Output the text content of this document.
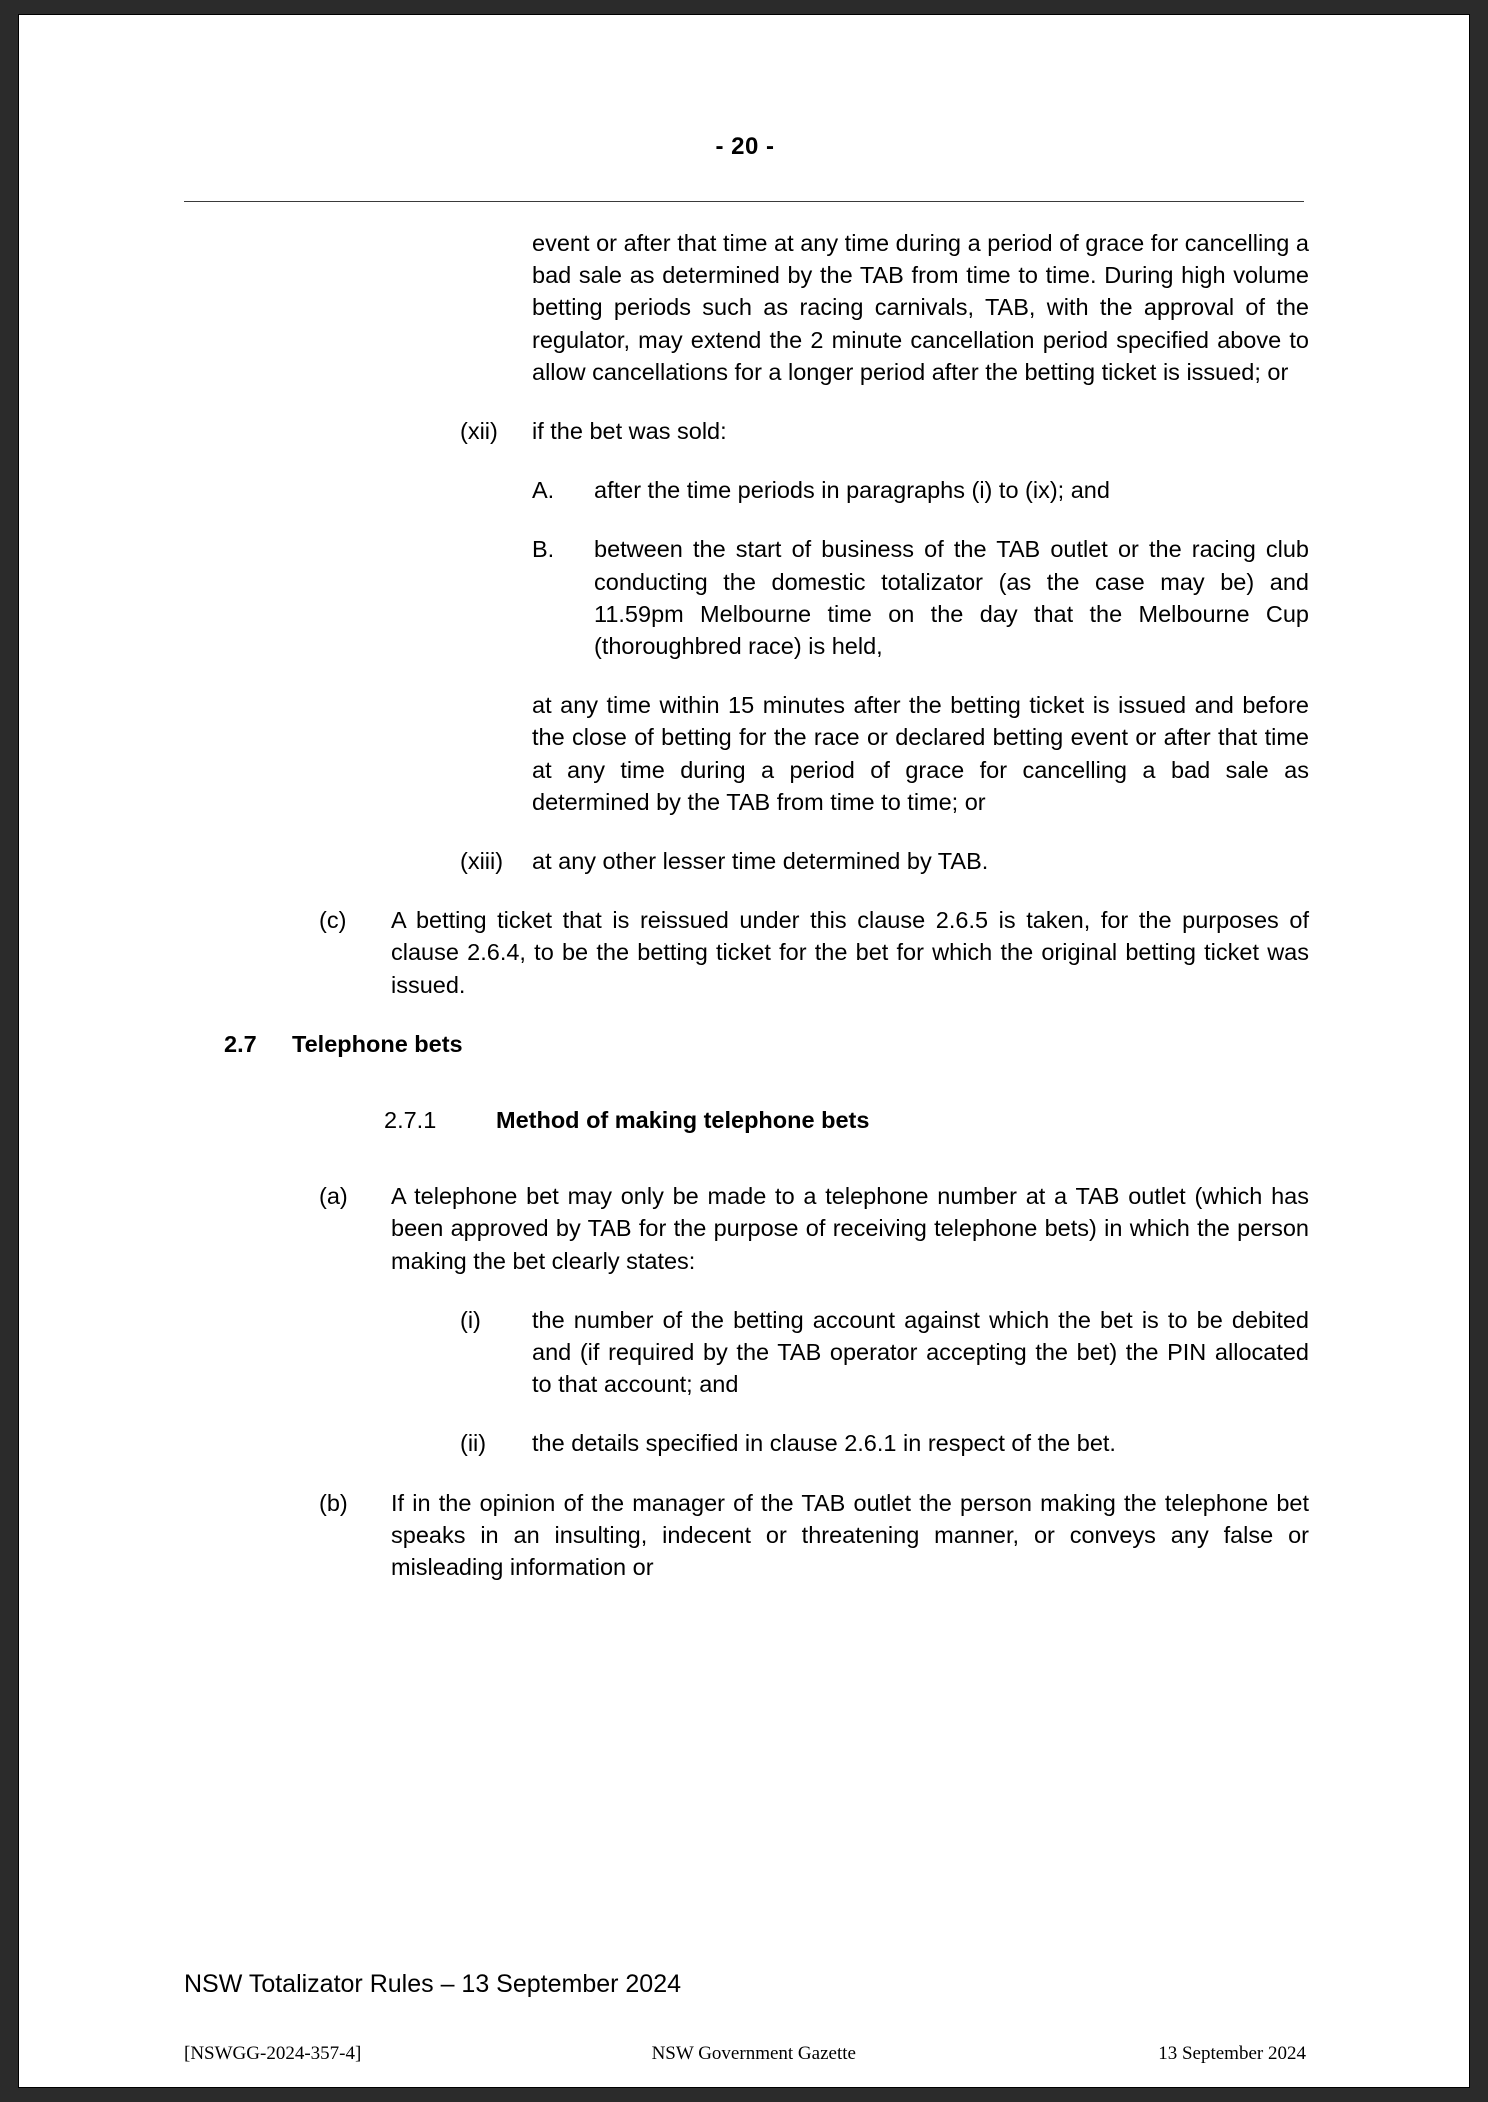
- 20 -
event or after that time at any time during a period of grace for cancelling a bad sale as determined by the TAB from time to time. During high volume betting periods such as racing carnivals, TAB, with the approval of the regulator, may extend the 2 minute cancellation period specified above to allow cancellations for a longer period after the betting ticket is issued; or
(xii)	if the bet was sold:
A.	after the time periods in paragraphs (i) to (ix); and
B.	between the start of business of the TAB outlet or the racing club conducting the domestic totalizator (as the case may be) and 11.59pm Melbourne time on the day that the Melbourne Cup (thoroughbred race) is held,
at any time within 15 minutes after the betting ticket is issued and before the close of betting for the race or declared betting event or after that time at any time during a period of grace for cancelling a bad sale as determined by the TAB from time to time; or
(xiii)	at any other lesser time determined by TAB.
(c)	A betting ticket that is reissued under this clause 2.6.5 is taken, for the purposes of clause 2.6.4, to be the betting ticket for the bet for which the original betting ticket was issued.
2.7	Telephone bets
2.7.1	Method of making telephone bets
(a)	A telephone bet may only be made to a telephone number at a TAB outlet (which has been approved by TAB for the purpose of receiving telephone bets) in which the person making the bet clearly states:
(i)	the number of the betting account against which the bet is to be debited and (if required by the TAB operator accepting the bet) the PIN allocated to that account; and
(ii)	the details specified in clause 2.6.1 in respect of the bet.
(b)	If in the opinion of the manager of the TAB outlet the person making the telephone bet speaks in an insulting, indecent or threatening manner, or conveys any false or misleading information or
NSW Totalizator Rules – 13 September 2024
[NSWGG-2024-357-4]	NSW Government Gazette	13 September 2024
